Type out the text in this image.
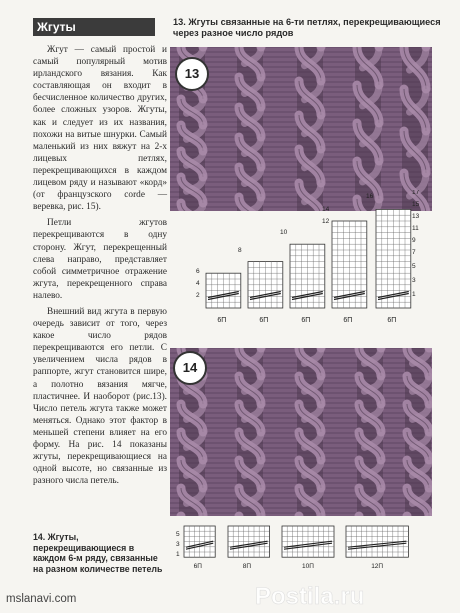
Жгуты

Жгут — самый простой и самый популярный мотив ирландского вязания. Как составляющая он входит в бесчисленное количество других, более сложных узоров. Жгуты, как и следует из их названия, похожи на витые шнурки. Самый маленький из них вяжут на 2-х лицевых петлях, перекрещивающихся в каждом лицевом ряду и называют «корд» (от французского corde — веревка, рис. 15).

Петли жгутов перекрещиваются в одну сторону. Жгут, перекрещенный слева направо, представляет собой симметричное отражение жгута, перекрещенного справа налево.

Внешний вид жгута в первую очередь зависит от того, через какое число рядов перекрещиваются его петли. С увеличением числа рядов в раппорте, жгут становится шире, а полотно вязания мягче, пластичнее. И наоборот (рис.13). Число петель жгута также может меняться. Однако этот фактор в меньшей степени влияет на его форму. На рис. 14 показаны жгуты, перекрещивающиеся на одной высоте, но связанные из разного числа петель.

13. Жгуты связанные на 6-ти петлях, перекрещивающиеся через разное число рядов
13
6П	6П	6П	6П	6П
6
4
2
8
10
12
14
16
17
15
13
11
9
7
5
3
1
14
6П	8П	10П	12П
5
3
1
14. Жгуты, перекрещивающиеся в каждом 6-м ряду, связанные на разном количестве петель
mslanavi.com	Postila.ru
